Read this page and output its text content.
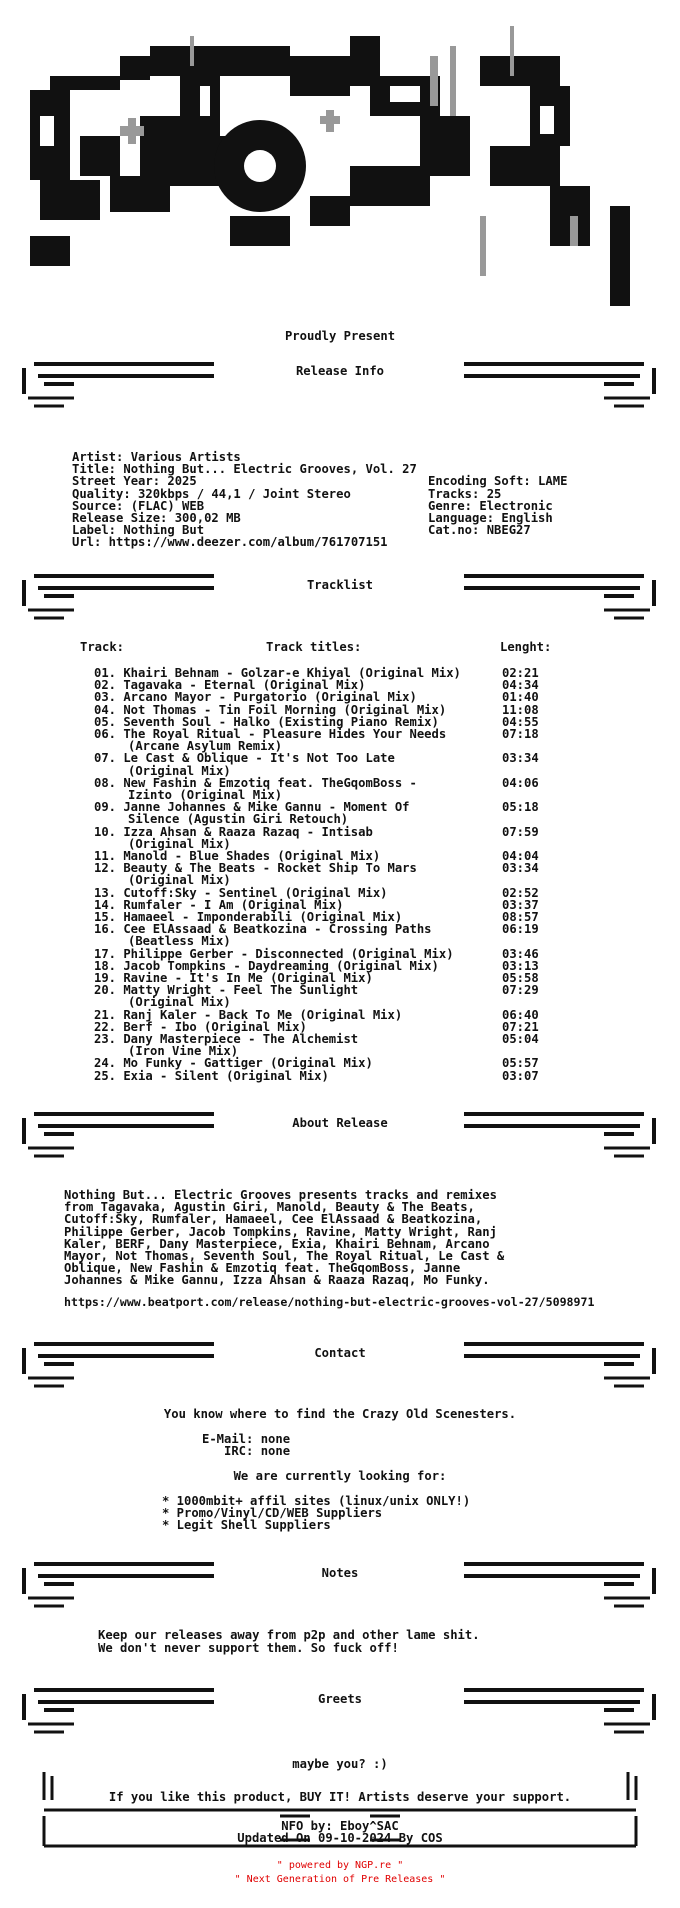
Proudly Present
Release Info
Artist: Various Artists
Title: Nothing But... Electric Grooves, Vol. 27
Street Year: 2025
Quality: 320kbps / 44,1 / Joint Stereo
Source: (FLAC) WEB
Release Size: 300,02 MB
Label: Nothing But
Url: https://www.deezer.com/album/761707151
Encoding Soft: LAME
Tracks: 25
Genre: Electronic
Language: English
Cat.no: NBEG27
Tracklist
Track:	Track titles:	Lenght:
01. Khairi Behnam - Golzar-e Khiyal (Original Mix)	02:21
02. Tagavaka - Eternal (Original Mix)	04:34
03. Arcano Mayor - Purgatorio (Original Mix)	01:40
04. Not Thomas - Tin Foil Morning (Original Mix)	11:08
05. Seventh Soul - Halko (Existing Piano Remix)	04:55
06. The Royal Ritual - Pleasure Hides Your Needs	07:18
(Arcane Asylum Remix)
07. Le Cast & Oblique - It's Not Too Late	03:34
(Original Mix)
08. New Fashin & Emzotiq feat. TheGqomBoss -	04:06
Izinto (Original Mix)
09. Janne Johannes & Mike Gannu - Moment Of	05:18
Silence (Agustin Giri Retouch)
10. Izza Ahsan & Raaza Razaq - Intisab	07:59
(Original Mix)
11. Manold - Blue Shades (Original Mix)	04:04
12. Beauty & The Beats - Rocket Ship To Mars	03:34
(Original Mix)
13. Cutoff:Sky - Sentinel (Original Mix)	02:52
14. Rumfaler - I Am (Original Mix)	03:37
15. Hamaeel - Imponderabili (Original Mix)	08:57
16. Cee ElAssaad & Beatkozina - Crossing Paths	06:19
(Beatless Mix)
17. Philippe Gerber - Disconnected (Original Mix)	03:46
18. Jacob Tompkins - Daydreaming (Original Mix)	03:13
19. Ravine - It's In Me (Original Mix)	05:58
20. Matty Wright - Feel The Sunlight	07:29
(Original Mix)
21. Ranj Kaler - Back To Me (Original Mix)	06:40
22. Berf - Ibo (Original Mix)	07:21
23. Dany Masterpiece - The Alchemist	05:04
(Iron Vine Mix)
24. Mo Funky - Gattiger (Original Mix)	05:57
25. Exia - Silent (Original Mix)	03:07
About Release
Nothing But... Electric Grooves presents tracks and remixes
from Tagavaka, Agustin Giri, Manold, Beauty & The Beats,
Cutoff:Sky, Rumfaler, Hamaeel, Cee ElAssaad & Beatkozina,
Philippe Gerber, Jacob Tompkins, Ravine, Matty Wright, Ranj
Kaler, BERF, Dany Masterpiece, Exia, Khairi Behnam, Arcano
Mayor, Not Thomas, Seventh Soul, The Royal Ritual, Le Cast &
Oblique, New Fashin & Emzotiq feat. TheGqomBoss, Janne
Johannes & Mike Gannu, Izza Ahsan & Raaza Razaq, Mo Funky.
https://www.beatport.com/release/nothing-but-electric-grooves-vol-27/5098971
Contact
You know where to find the Crazy Old Scenesters.
E-Mail: none
IRC: none
We are currently looking for:
* 1000mbit+ affil sites (linux/unix ONLY!)
* Promo/Vinyl/CD/WEB Suppliers
* Legit Shell Suppliers
Notes
Keep our releases away from p2p and other lame shit.
We don't never support them. So fuck off!
Greets
maybe you? :)
If you like this product, BUY IT! Artists deserve your support.
NFO by: Eboy^SAC
Updated On 09-10-2024 By COS
" powered by NGP.re "
" Next Generation of Pre Releases "
